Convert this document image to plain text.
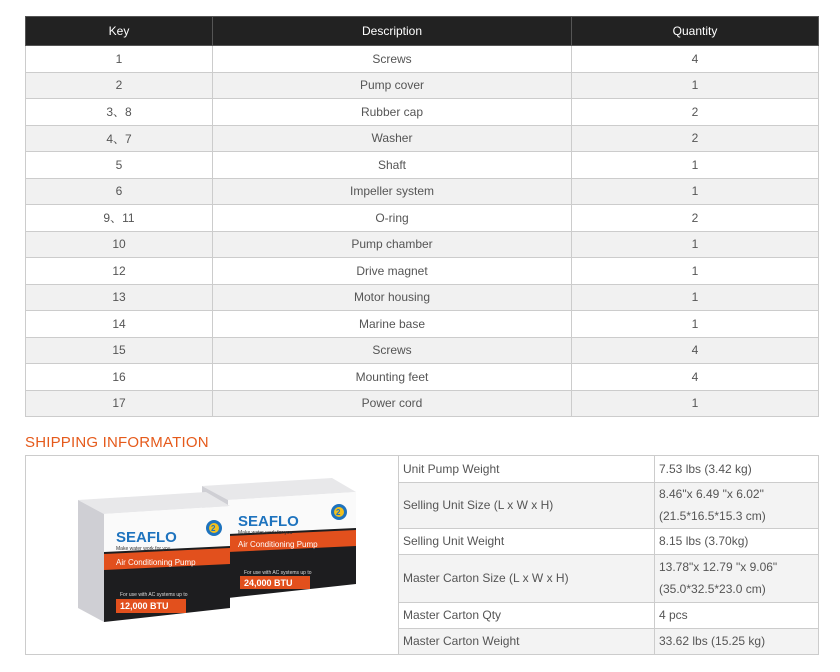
Key	Description	Quantity
1	Screws	4
2	Pump cover	1
3、8	Rubber cap	2
4、7	Washer	2
5	Shaft	1
6	Impeller system	1
9、11	O-ring	2
10	Pump chamber	1
12	Drive magnet	1
13	Motor housing	1
14	Marine base	1
15	Screws	4
16	Mounting feet	4
17	Power cord	1
SHIPPING INFORMATION
SEAFLO
Make water work for you
Air Conditioning Pump
2
For use with AC systems up to
24,000 BTU
SEAFLO
Make water work for you
Air Conditioning Pump
2
For use with AC systems up to
12,000 BTU
Unit Pump Weight	7.53 lbs (3.42 kg)

Selling Unit Size (L x W x H)	8.46"x 6.49 "x 6.02"
(21.5*16.5*15.3 cm)

Selling Unit Weight	8.15 lbs (3.70kg)

Master Carton Size (L x W x H)	13.78"x 12.79 "x 9.06"
(35.0*32.5*23.0 cm)

Master Carton Qty	4 pcs

Master Carton Weight	33.62 lbs (15.25 kg)
